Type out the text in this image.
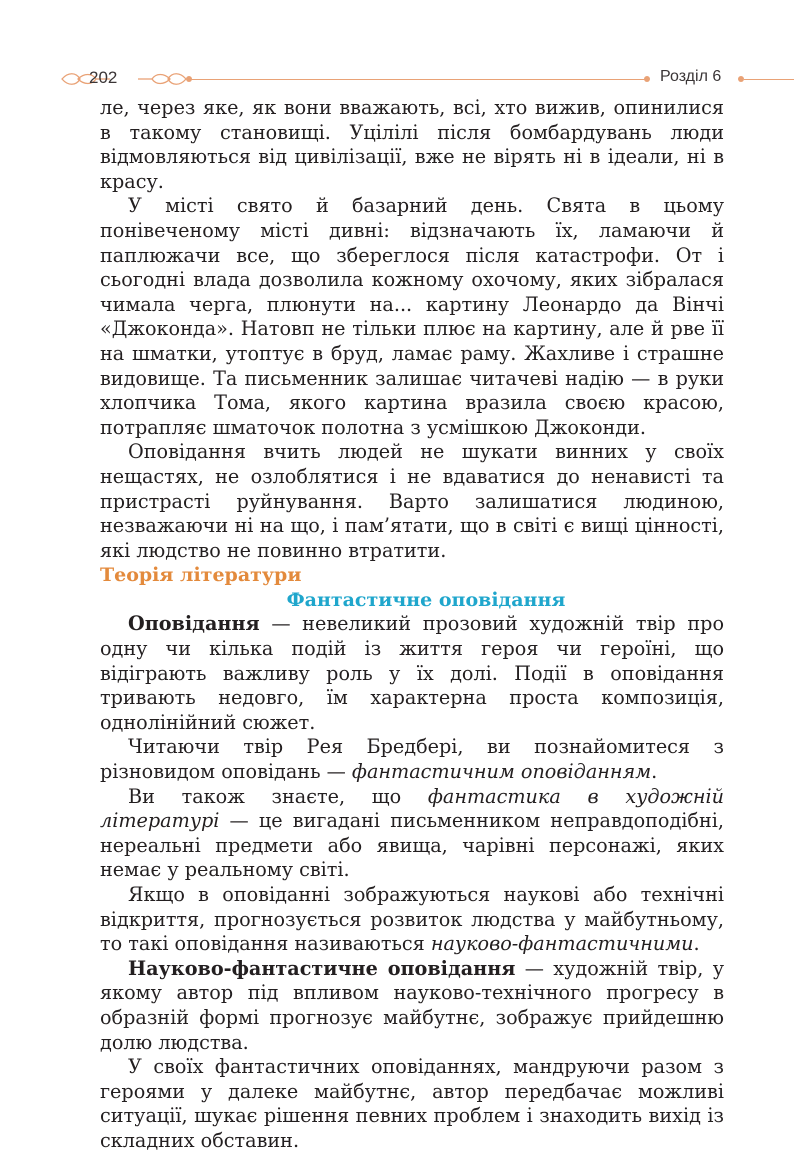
202	Розділ 6

ле, через яке, як вони вважають, всі, хто вижив, опинилися в такому становищі. Уцілілі після бомбардувань люди відмовляються від цивілізації, вже не вірять ні в ідеали, ні в красу.

У місті свято й базарний день. Свята в цьому понівеченому місті дивні: відзначають їх, ламаючи й паплюжачи все, що збереглося після катастрофи. От і сьогодні влада дозволила кожному охочому, яких зібралася чимала черга, плюнути на... картину Леонардо да Вінчі «Джоконда». Натовп не тільки плює на картину, але й рве її на шматки, утоптує в бруд, ламає раму. Жахливе і страшне видовище. Та письменник залишає читачеві надію — в руки хлопчика Тома, якого картина вразила своєю красою, потрапляє шматочок полотна з усмішкою Джоконди.

Оповідання вчить людей не шукати винних у своїх нещастях, не озлоблятися і не вдаватися до ненависті та пристрасті руйнування. Варто залишатися людиною, незважаючи ні на що, і пам’ятати, що в світі є вищі цінності, які людство не повинно втратити.

Теорія літератури

Фантастичне оповідання

Оповідання — невеликий прозовий художній твір про одну чи кілька подій із життя героя чи героїні, що відіграють важливу роль у їх долі. Події в оповідання тривають недовго, їм характерна проста композиція, однолінійний сюжет.

Читаючи твір Рея Бредбері, ви познайомитеся з різновидом оповідань — фантастичним оповіданням.

Ви також знаєте, що фантастика в художній літературі — це вигадані письменником неправдоподібні, нереальні предмети або явища, чарівні персонажі, яких немає у реальному світі.

Якщо в оповіданні зображуються наукові або технічні відкриття, прогнозується розвиток людства у майбутньому, то такі оповідання називаються науково-фантастичними.

Науково-фантастичне оповідання — художній твір, у якому автор під впливом науково-технічного прогресу в образній формі прогнозує майбутнє, зображує прийдешню долю людства.

У своїх фантастичних оповіданнях, мандруючи разом з героями у далеке майбутнє, автор передбачає можливі ситуації, шукає рішення певних проблем і знаходить вихід із складних обставин.
